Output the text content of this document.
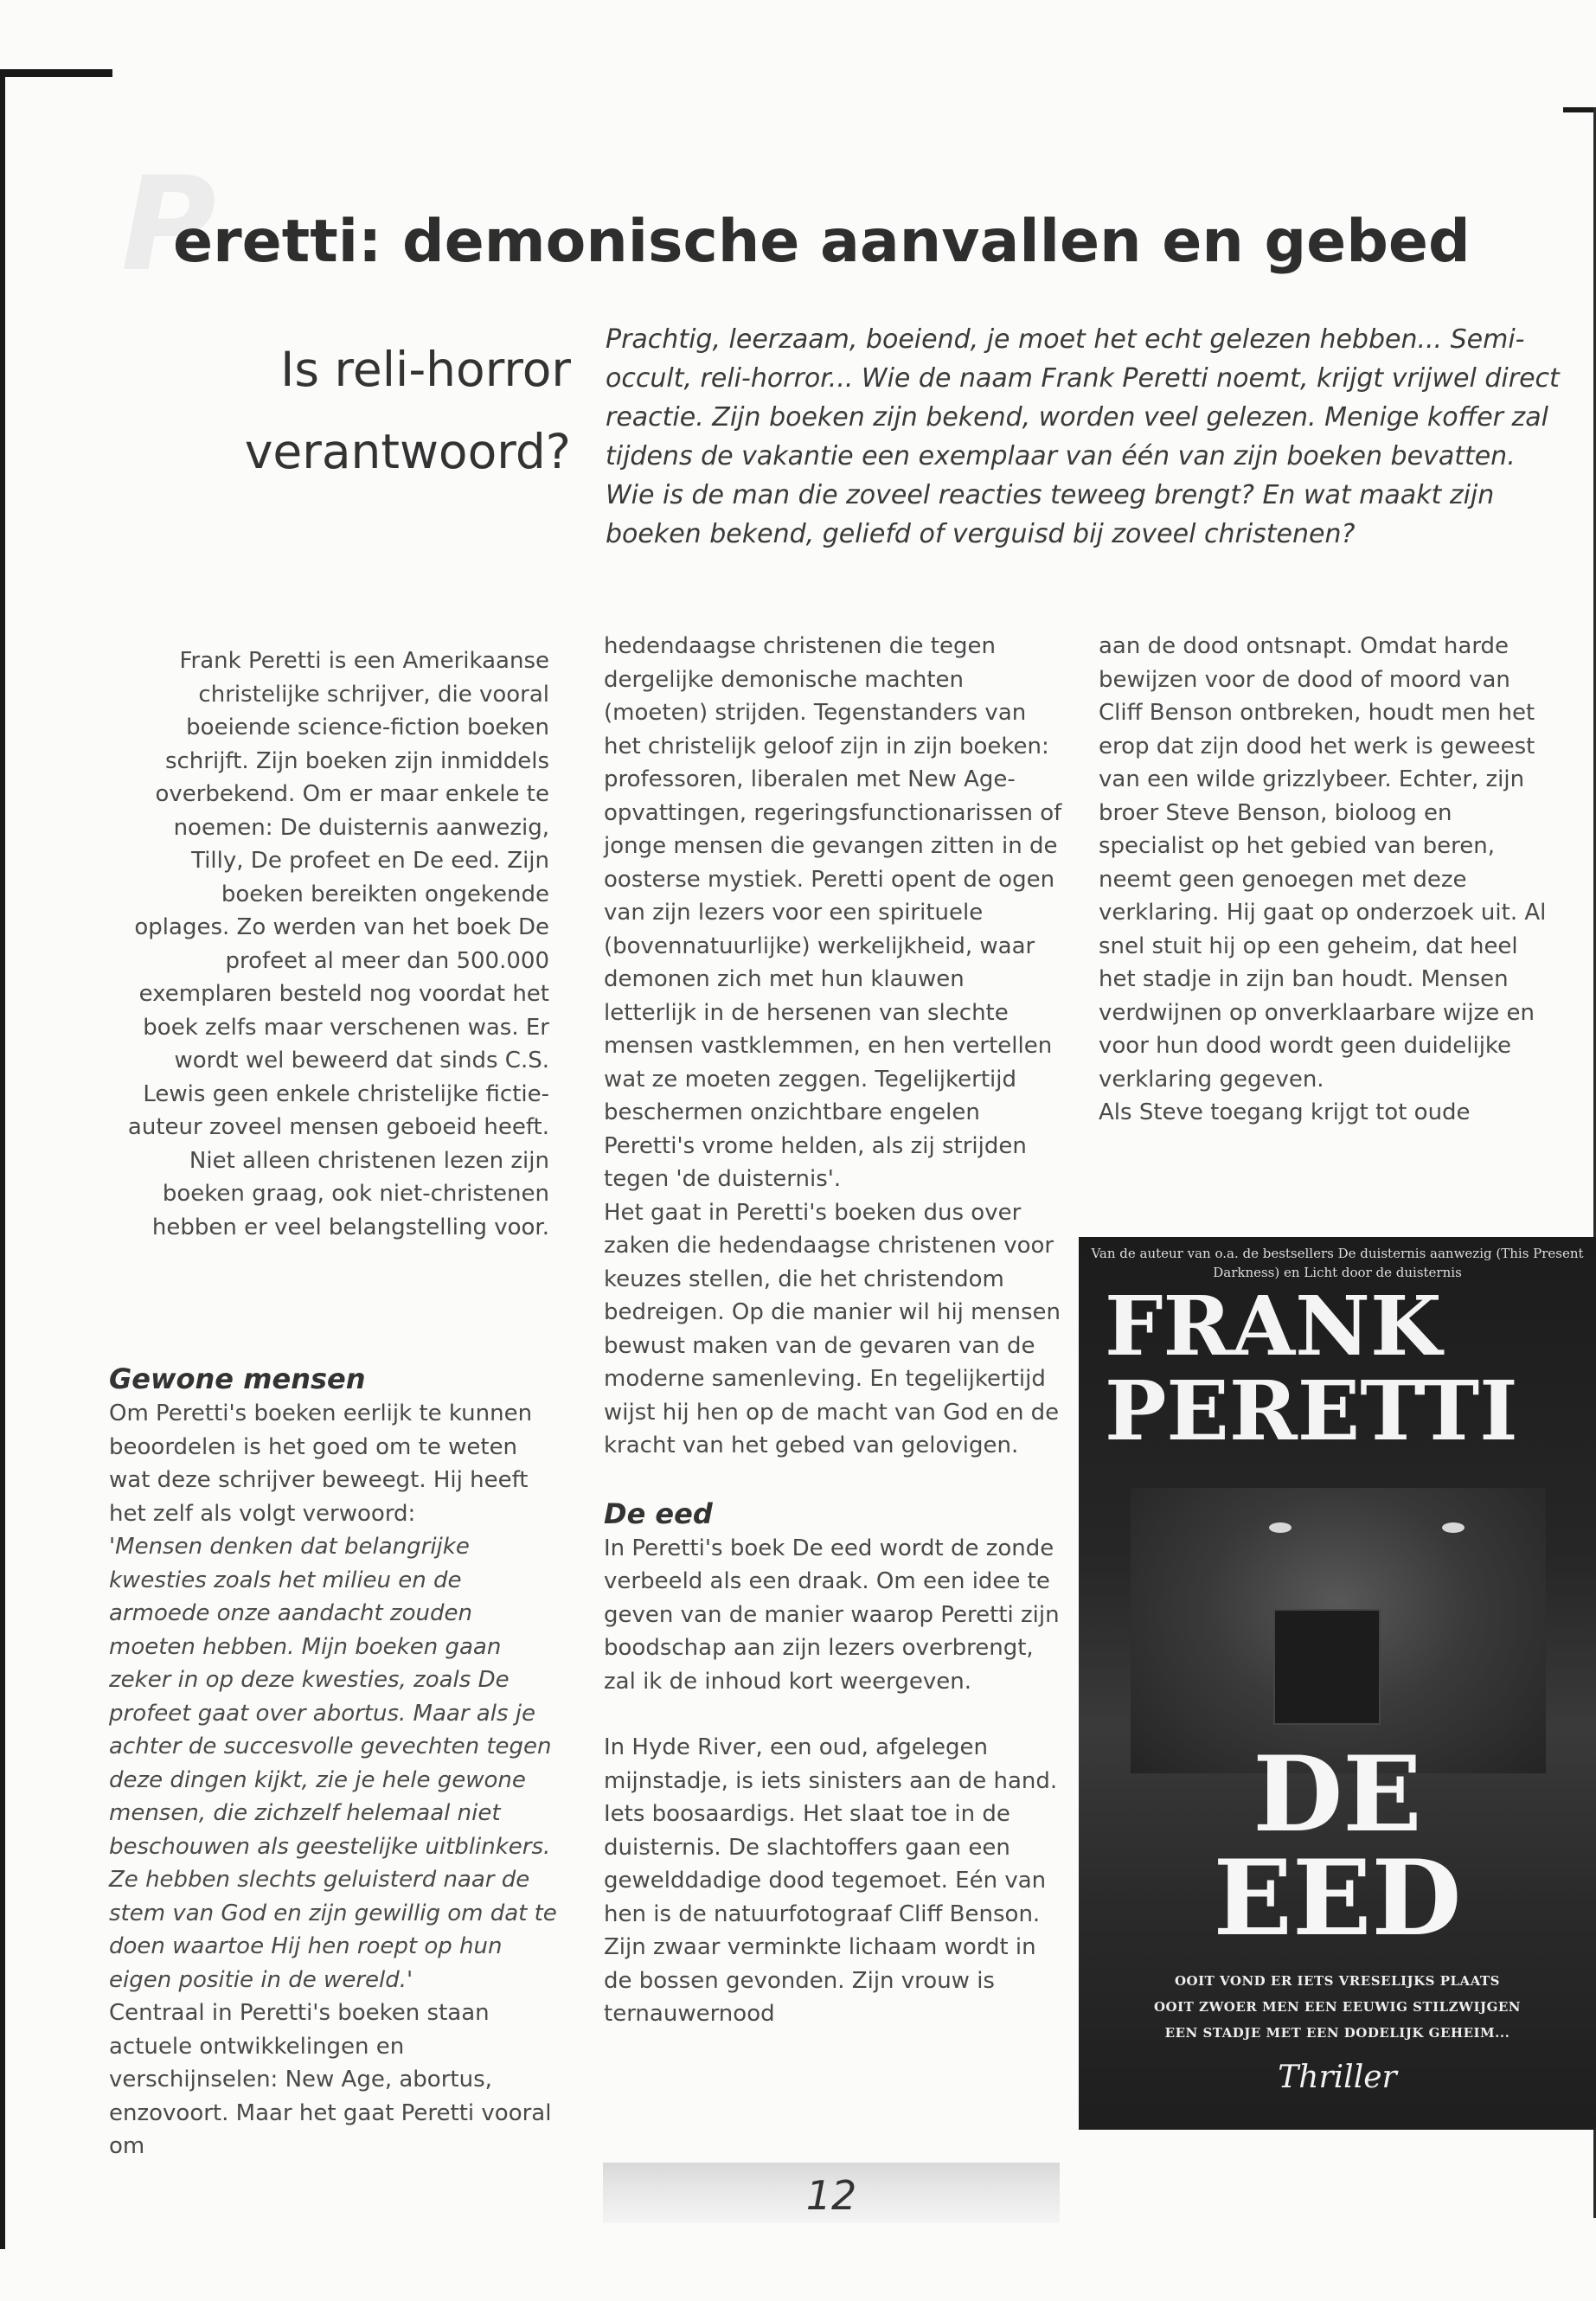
P
eretti: demonische aanvallen en gebed
Is reli-horror verantwoord?

Prachtig, leerzaam, boeiend, je moet het echt gelezen hebben... Semi-occult, reli-horror... Wie de naam Frank Peretti noemt, krijgt vrijwel direct reactie. Zijn boeken zijn bekend, worden veel gelezen. Menige koffer zal tijdens de vakantie een exemplaar van één van zijn boeken bevatten. Wie is de man die zoveel reacties teweeg brengt? En wat maakt zijn boeken bekend, geliefd of verguisd bij zoveel christenen?

Frank Peretti is een Amerikaanse christelijke schrijver, die vooral boeiende science-fiction boeken schrijft. Zijn boeken zijn inmiddels overbekend. Om er maar enkele te noemen: De duisternis aanwezig, Tilly, De profeet en De eed. Zijn boeken bereikten ongekende oplages. Zo werden van het boek De profeet al meer dan 500.000 exemplaren besteld nog voordat het boek zelfs maar verschenen was. Er wordt wel beweerd dat sinds C.S. Lewis geen enkele christelijke fictie-auteur zoveel mensen geboeid heeft. Niet alleen christenen lezen zijn boeken graag, ook niet-christenen hebben er veel belangstelling voor.

Gewone mensen

Om Peretti's boeken eerlijk te kunnen beoordelen is het goed om te weten wat deze schrijver beweegt. Hij heeft het zelf als volgt verwoord:

'Mensen denken dat belangrijke kwesties zoals het milieu en de armoede onze aandacht zouden moeten hebben. Mijn boeken gaan zeker in op deze kwesties, zoals De profeet gaat over abortus. Maar als je achter de succesvolle gevechten tegen deze dingen kijkt, zie je hele gewone mensen, die zichzelf helemaal niet beschouwen als geestelijke uitblinkers. Ze hebben slechts geluisterd naar de stem van God en zijn gewillig om dat te doen waartoe Hij hen roept op hun eigen positie in de wereld.'

Centraal in Peretti's boeken staan actuele ontwikkelingen en verschijnselen: New Age, abortus, enzovoort. Maar het gaat Peretti vooral om

hedendaagse christenen die tegen dergelijke demonische machten (moeten) strijden. Tegenstanders van het christelijk geloof zijn in zijn boeken: professoren, liberalen met New Age-opvattingen, regeringsfunctionarissen of jonge mensen die gevangen zitten in de oosterse mystiek. Peretti opent de ogen van zijn lezers voor een spirituele (bovennatuurlijke) werkelijkheid, waar demonen zich met hun klauwen letterlijk in de hersenen van slechte mensen vastklemmen, en hen vertellen wat ze moeten zeggen. Tegelijkertijd beschermen onzichtbare engelen Peretti's vrome helden, als zij strijden tegen 'de duisternis'.

Het gaat in Peretti's boeken dus over zaken die hedendaagse christenen voor keuzes stellen, die het christendom bedreigen. Op die manier wil hij mensen bewust maken van de gevaren van de moderne samenleving. En tegelijkertijd wijst hij hen op de macht van God en de kracht van het gebed van gelovigen.

De eed

In Peretti's boek De eed wordt de zonde verbeeld als een draak. Om een idee te geven van de manier waarop Peretti zijn boodschap aan zijn lezers overbrengt, zal ik de inhoud kort weergeven.

In Hyde River, een oud, afgelegen mijnstadje, is iets sinisters aan de hand. Iets boosaardigs. Het slaat toe in de duisternis. De slachtoffers gaan een gewelddadige dood tegemoet. Eén van hen is de natuurfotograaf Cliff Benson. Zijn zwaar verminkte lichaam wordt in de bossen gevonden. Zijn vrouw is ternauwernood

aan de dood ontsnapt. Omdat harde bewijzen voor de dood of moord van Cliff Benson ontbreken, houdt men het erop dat zijn dood het werk is geweest van een wilde grizzlybeer. Echter, zijn broer Steve Benson, bioloog en specialist op het gebied van beren, neemt geen genoegen met deze verklaring. Hij gaat op onderzoek uit. Al snel stuit hij op een geheim, dat heel het stadje in zijn ban houdt. Mensen verdwijnen op onverklaarbare wijze en voor hun dood wordt geen duidelijke verklaring gegeven.

Als Steve toegang krijgt tot oude

Van de auteur van o.a. de bestsellers De duisternis aanwezig (This Present Darkness) en Licht door de duisternis
FRANK
PERETTI
DE
EED
OOIT VOND ER IETS VRESELIJKS PLAATS
OOIT ZWOER MEN EEN EEUWIG STILZWIJGEN
EEN STADJE MET EEN DODELIJK GEHEIM...
Thriller
12
